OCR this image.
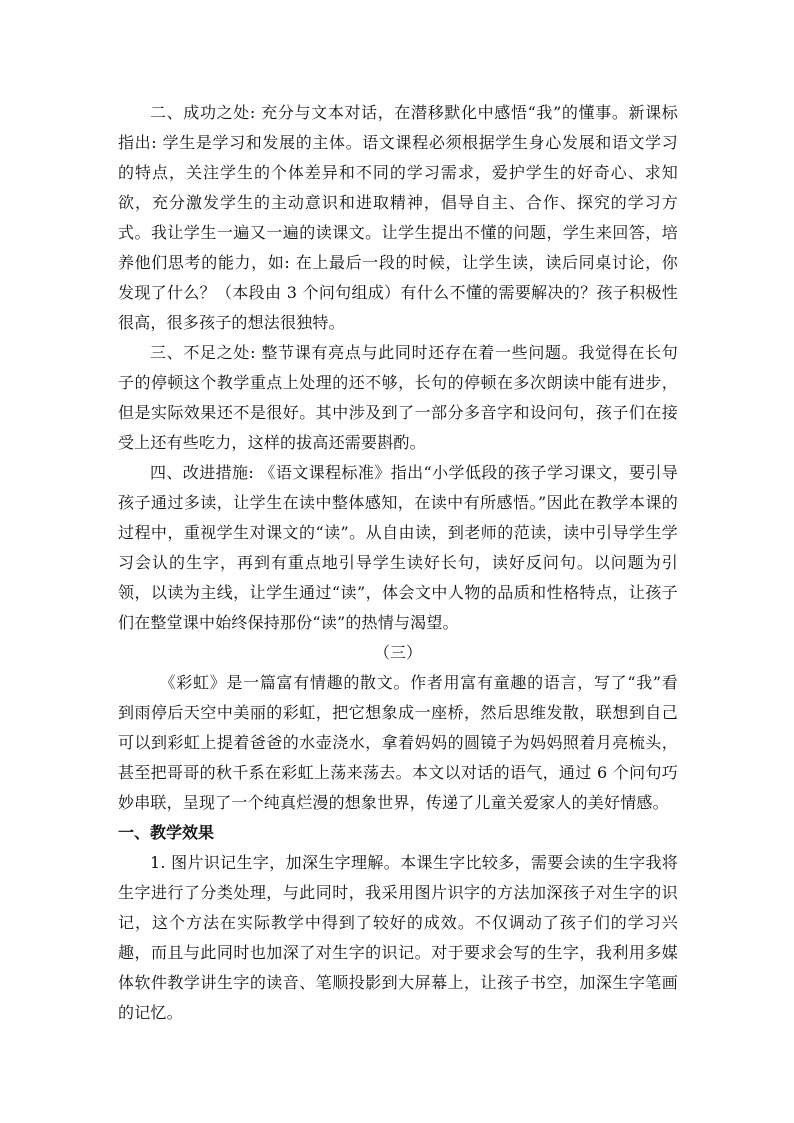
二、成功之处: 充分与文本对话，在潜移默化中感悟“我”的懂事。新课标指出: 学生是学习和发展的主体。语文课程必须根据学生身心发展和语文学习的特点，关注学生的个体差异和不同的学习需求，爱护学生的好奇心、求知欲，充分激发学生的主动意识和进取精神，倡导自主、合作、探究的学习方式。我让学生一遍又一遍的读课文。让学生提出不懂的问题，学生来回答，培养他们思考的能力，如: 在上最后一段的时候，让学生读，读后同桌讨论，你发现了什么？（本段由 3 个问句组成）有什么不懂的需要解决的？孩子积极性很高，很多孩子的想法很独特。

三、不足之处: 整节课有亮点与此同时还存在着一些问题。我觉得在长句子的停顿这个教学重点上处理的还不够，长句的停顿在多次朗读中能有进步，但是实际效果还不是很好。其中涉及到了一部分多音字和设问句，孩子们在接受上还有些吃力，这样的拔高还需要斟酌。

四、改进措施: 《语文课程标准》指出“小学低段的孩子学习课文，要引导孩子通过多读，让学生在读中整体感知，在读中有所感悟。”因此在教学本课的过程中，重视学生对课文的“读”。从自由读，到老师的范读，读中引导学生学习会认的生字，再到有重点地引导学生读好长句，读好反问句。以问题为引领，以读为主线，让学生通过“读”，体会文中人物的品质和性格特点，让孩子们在整堂课中始终保持那份“读”的热情与渴望。

（三）

《彩虹》是一篇富有情趣的散文。作者用富有童趣的语言，写了“我”看到雨停后天空中美丽的彩虹，把它想象成一座桥，然后思维发散，联想到自己可以到彩虹上提着爸爸的水壶浇水，拿着妈妈的圆镜子为妈妈照着月亮梳头，甚至把哥哥的秋千系在彩虹上荡来荡去。本文以对话的语气，通过 6 个问句巧妙串联，呈现了一个纯真烂漫的想象世界，传递了儿童关爱家人的美好情感。

一、教学效果

1. 图片识记生字，加深生字理解。本课生字比较多，需要会读的生字我将生字进行了分类处理，与此同时，我采用图片识字的方法加深孩子对生字的识记，这个方法在实际教学中得到了较好的成效。不仅调动了孩子们的学习兴趣，而且与此同时也加深了对生字的识记。对于要求会写的生字，我利用多媒体软件教学讲生字的读音、笔顺投影到大屏幕上，让孩子书空，加深生字笔画的记忆。
